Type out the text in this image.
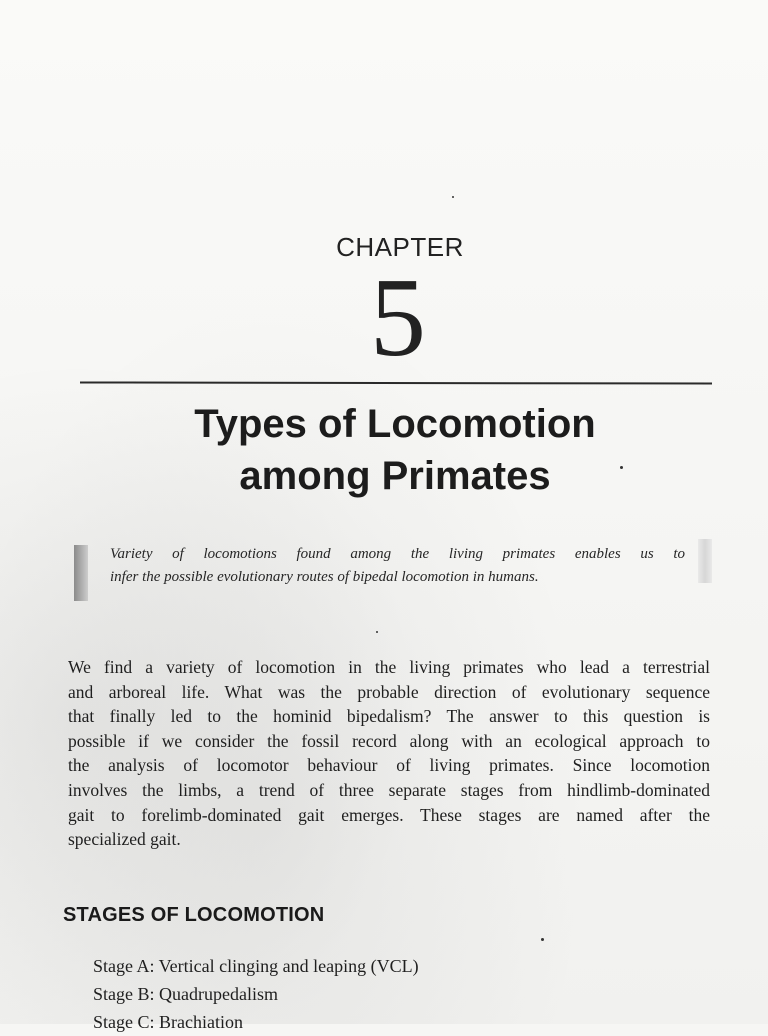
CHAPTER
5
Types of Locomotion
among Primates
Variety of locomotions found among the living primates enables us to
infer the possible evolutionary routes of bipedal locomotion in humans.
We find a variety of locomotion in the living primates who lead a terrestrial
and arboreal life. What was the probable direction of evolutionary sequence
that finally led to the hominid bipedalism? The answer to this question is
possible if we consider the fossil record along with an ecological approach to
the analysis of locomotor behaviour of living primates. Since locomotion
involves the limbs, a trend of three separate stages from hindlimb-dominated
gait to forelimb-dominated gait emerges. These stages are named after the
specialized gait.
STAGES OF LOCOMOTION
Stage A: Vertical clinging and leaping (VCL)
Stage B: Quadrupedalism
Stage C: Brachiation
